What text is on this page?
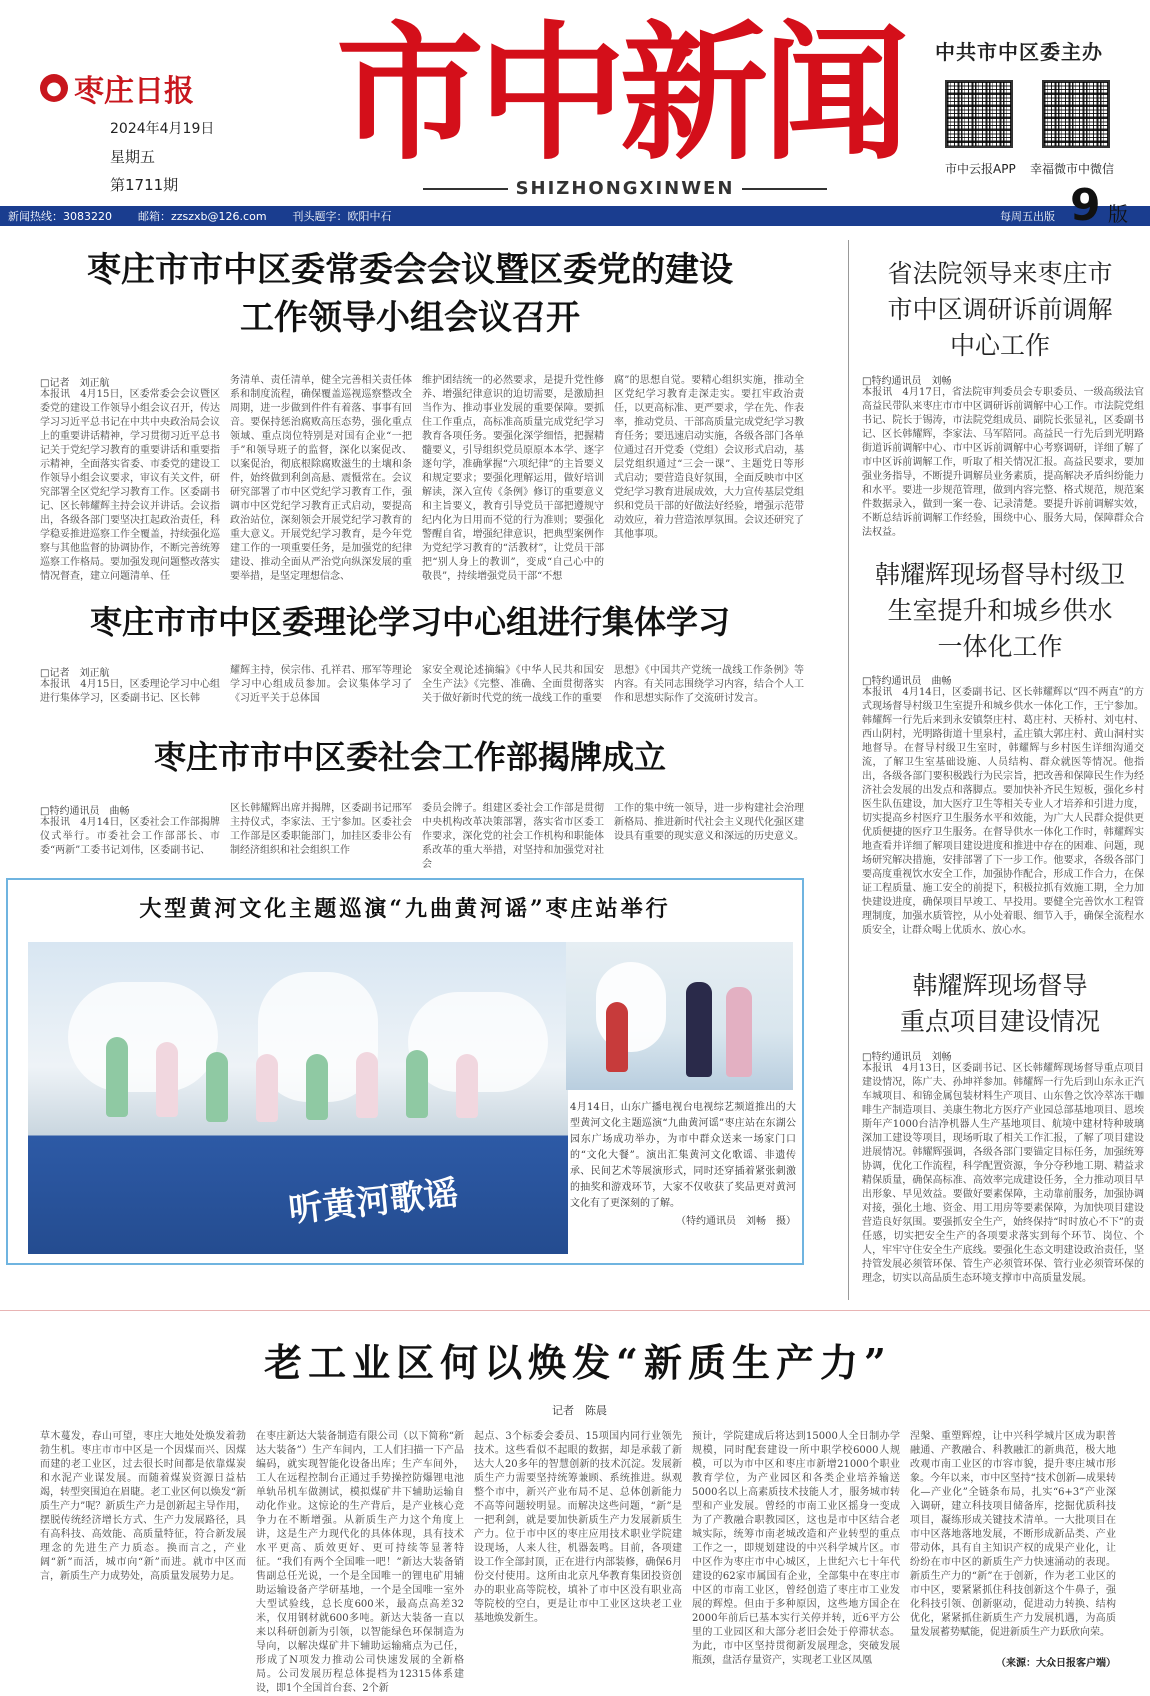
● 枣庄日报
2024年4月19日
星期五
第1711期
市中新闻
SHIZHONGXINWEN
中共市中区委主办
市中云报APP 幸福微市中微信
新闻热线：3083220 邮箱：zzszxb@126.com 刊头题字：欧阳中石	每周五出版 9 版
枣庄市市中区委常委会会议暨区委党的建设
工作领导小组会议召开
□记者　刘正航
本报讯　4月15日，区委常委会会议暨区委党的建设工作领导小组会议召开，传达学习习近平总书记在中共中央政治局会议上的重要讲话精神，学习贯彻习近平总书记关于党纪学习教育的重要讲话和重要指示精神，全面落实省委、市委党的建设工作领导小组会议要求，审议有关文件，研究部署全区党纪学习教育工作。区委副书记、区长韩耀辉主持会议并讲话。会议指出，各级各部门要坚决扛起政治责任，科学稳妥推进巡察工作全覆盖，持续强化巡察与其他监督的协调协作，不断完善统筹巡察工作格局。要加强发现问题整改落实情况督查，建立问题清单、任
务清单、责任清单，健全完善相关责任体系和制度流程，确保覆盖巡视巡察整改全周期，进一步做到件件有着落、事事有回音。要保持惩治腐败高压态势，强化重点领域、重点岗位特别是对国有企业“一把手”和领导班子的监督，深化以案促改、以案促治，彻底根除腐败滋生的土壤和条件，始终做到利剑高悬、震慑常在。会议研究部署了市中区党纪学习教育工作，强调市中区党纪学习教育正式启动，要提高政治站位，深刻领会开展党纪学习教育的重大意义。开展党纪学习教育，是今年党建工作的一项重要任务，是加强党的纪律建设、推动全面从严治党向纵深发展的重要举措，是坚定理想信念、
维护团结统一的必然要求，是提升党性修养、增强纪律意识的迫切需要，是激励担当作为、推动事业发展的重要保障。要抓住工作重点，高标准高质量完成党纪学习教育各项任务。要强化深学细悟，把握精髓要义，引导组织党员原原本本学、逐字逐句学，准确掌握“六项纪律”的主旨要义和规定要求；要强化理解运用，做好培训解读，深入宣传《条例》修订的重要意义和主旨要义，教育引导党员干部把遵规守纪内化为日用而不觉的行为准则；要强化警醒自省，增强纪律意识，把典型案例作为党纪学习教育的“活教材”，让党员干部把“别人身上的教训”，变成“自己心中的敬畏”，持续增强党员干部“不想
腐”的思想自觉。要精心组织实施，推动全区党纪学习教育走深走实。要扛牢政治责任，以更高标准、更严要求，学在先、作表率，推动党员、干部高质量完成党纪学习教育任务；要迅速启动实施，各级各部门各单位通过召开党委（党组）会议形式启动，基层党组织通过“三会一课”、主题党日等形式启动；要营造良好氛围，全面反映市中区党纪学习教育进展成效，大力宣传基层党组织和党员干部的好做法好经验，增强示范带动效应，着力营造浓厚氛围。会议还研究了其他事项。
枣庄市市中区委理论学习中心组进行集体学习
□记者　刘正航
本报讯　4月15日，区委理论学习中心组进行集体学习，区委副书记、区长韩
耀辉主持，侯宗伟、孔祥君、邢军等理论学习中心组成员参加。会议集体学习了《习近平关于总体国
家安全观论述摘编》《中华人民共和国安全生产法》《完整、准确、全面贯彻落实关于做好新时代党的统一战线工作的重要
思想》《中国共产党统一战线工作条例》等内容。有关同志围绕学习内容，结合个人工作和思想实际作了交流研讨发言。
枣庄市市中区委社会工作部揭牌成立
□特约通讯员　曲畅
本报讯　4月14日，区委社会工作部揭牌仪式举行。市委社会工作部部长、市委“两新”工委书记刘伟，区委副书记、
区长韩耀辉出席并揭牌，区委副书记邢军主持仪式，李家法、王宁参加。区委社会工作部是区委职能部门，加挂区委非公有制经济组织和社会组织工作
委员会牌子。组建区委社会工作部是贯彻中央机构改革决策部署，落实省市区委工作要求，深化党的社会工作机构和职能体系改革的重大举措，对坚持和加强党对社会
工作的集中统一领导，进一步构建社会治理新格局、推进新时代社会主义现代化强区建设具有重要的现实意义和深远的历史意义。
省法院领导来枣庄市
市中区调研诉前调解
中心工作
□特约通讯员　刘畅
本报讯　4月17日，省法院审判委员会专职委员、一级高级法官高益民带队来枣庄市市中区调研诉前调解中心工作。市法院党组书记、院长于锡涛，市法院党组成员、副院长张显礼，区委副书记、区长韩耀辉，李家法、马军陪同。高益民一行先后到光明路街道诉前调解中心、市中区诉前调解中心考察调研，详细了解了市中区诉前调解工作，听取了相关情况汇报。高益民要求，要加强业务指导，不断提升调解员业务素质，提高解决矛盾纠纷能力和水平。要进一步规范管理，做到内容完整、格式规范，规范案件数据录入，做到一案一卷、记录清楚。要提升诉前调解实效，不断总结诉前调解工作经验，围绕中心、服务大局，保障群众合法权益。
韩耀辉现场督导村级卫
生室提升和城乡供水
一体化工作
□特约通讯员　曲畅
本报讯　4月14日，区委副书记、区长韩耀辉以“四不两直”的方式现场督导村级卫生室提升和城乡供水一体化工作，王宁参加。韩耀辉一行先后来到永安镇祭庄村、葛庄村、天桥村、刘屯村、西山阴村，光明路街道十里泉村，孟庄镇大郭庄村、黄山洞村实地督导。在督导村级卫生室时，韩耀辉与乡村医生详细沟通交流，了解卫生室基础设施、人员结构、群众就医等情况。他指出，各级各部门要积极践行为民宗旨，把改善和保障民生作为经济社会发展的出发点和落脚点。要加快补齐民生短板，强化乡村医生队伍建设，加大医疗卫生等相关专业人才培养和引进力度，切实提高乡村医疗卫生服务水平和效能，为广大人民群众提供更优质便捷的医疗卫生服务。在督导供水一体化工作时，韩耀辉实地查看并详细了解项目建设进度和推进中存在的困难、问题，现场研究解决措施，安排部署了下一步工作。他要求，各级各部门要高度重视饮水安全工作，加强协作配合，形成工作合力，在保证工程质量、施工安全的前提下，积极拉抓有效施工期，全力加快建设进度，确保项目早竣工、早投用。要健全完善饮水工程管理制度，加强水质管控，从小处着眼、细节入手，确保全流程水质安全，让群众喝上优质水、放心水。
韩耀辉现场督导
重点项目建设情况
□特约通讯员　刘畅
本报讯　4月13日，区委副书记、区长韩耀辉现场督导重点项目建设情况，陈广夫、孙坤祥参加。韩耀辉一行先后到山东永正汽车城项目、和锦金属包装材料生产项目、山东鲁之饮冷萃冻干咖啡生产制造项目、美康生物北方医疗产业园总部基地项目、恩埃斯年产1000台洁净机器人生产基地项目、航境中建材特种玻璃深加工建设等项目，现场听取了相关工作汇报，了解了项目建设进展情况。韩耀辉强调，各级各部门要锚定目标任务，加强统筹协调，优化工作流程，科学配置资源，争分夺秒地工期、精益求精保质量，确保高标准、高效率完成建设任务，全力推动项目早出形象、早见效益。要做好要素保障，主动靠前服务，加强协调对接，强化土地、资金、用工用房等要素保障，为加快项目建设营造良好氛围。要强抓安全生产，始终保持“时时放心不下”的责任感，切实把安全生产的各项要求落实到每个环节、岗位、个人，牢牢守住安全生产底线。要强化生态文明建设政治责任，坚持管发展必须管环保、管生产必须管环保、管行业必须管环保的理念，切实以高品质生态环境支撑市中高质量发展。
大型黄河文化主题巡演“九曲黄河谣”枣庄站举行
听黄河歌谣
4月14日，山东广播电视台电视综艺频道推出的大型黄河文化主题巡演“九曲黄河谣”枣庄站在东湖公园东广场成功举办，为市中群众送来一场家门口的“文化大餐”。演出汇集黄河文化歌谣、非遗传承、民间艺术等展演形式，同时还穿插着紧张刺激的抽奖和游戏环节，大家不仅收获了奖品更对黄河文化有了更深刻的了解。
（特约通讯员　刘畅　摄）
老工业区何以焕发“新质生产力”
记者　陈晨
草木蔓发，春山可望，枣庄大地处处焕发着勃勃生机。枣庄市市中区是一个因煤而兴、因煤而建的老工业区，过去很长时间都是依靠煤炭和水泥产业谋发展。而随着煤炭资源日益枯竭，转型突围迫在眉睫。老工业区何以焕发“新质生产力”呢？新质生产力是创新起主导作用，摆脱传统经济增长方式、生产力发展路径，具有高科技、高效能、高质量特征，符合新发展理念的先进生产力质态。换而言之，产业阔“新”而活，城市向“新”而进。就市中区而言，新质生产力成势处，高质量发展势力足。
在枣庄新达大装备制造有限公司（以下简称“新达大装备”）生产车间内，工人们扫描一下产品编码，就实现智能化设备出库；生产车间外，工人在远程控制台正通过手势操控防爆锂电池单轨吊机车做测试，模拟煤矿井下辅助运输自动化作业。这惊论的生产背后，是产业核心竞争力在不断增强。从新质生产力这个角度上讲，这是生产力现代化的具体体现，具有技术水平更高、质效更好、更可持续等显著特征。“我们有两个全国唯一吧！”新达大装备销售副总任光说，一个是全国唯一的锂电矿用辅助运输设备产学研基地，一个是全国唯一室外大型试验线，总长度600米，最高点高差32米，仅用钢材就600多吨。新达大装备一直以来以科研创新为引领，以智能绿色环保制造为导向，以解决煤矿井下辅助运输痛点为己任，形成了N项发力推动公司快速发展的全新格局。公司发展历程总体提档为12315体系建设，即1个全国首台套、2个新
起点、3个标委会委员、15项国内同行业领先技术。这些看似不起眼的数据，却是承载了新达大人20多年的智慧创新的技术沉淀。发展新质生产力需要坚持统筹兼顾、系统推进。纵观整个市中，新兴产业布局不足、总体创新能力不高等问题较明显。而解决这些问题，“新”是一把利剑，就是要加快新质生产力发展新质生产力。位于市中区的枣庄应用技术职业学院建设现场，人来人往，机器轰鸣。目前，各项建设工作全部封顶，正在进行内部装修，确保6月份交付使用。这所由北京凡华教育集团投资创办的职业高等院校，填补了市中区没有职业高等院校的空白，更是让市中工业区这块老工业基地焕发新生。
预计，学院建成后将达到15000人全日制办学规模，同时配套建设一所中职学校6000人规模，可以为市中区和枣庄市新增21000个职业教育学位，为产业园区和各类企业培养输送5000名以上高素质技术技能人才，服务城市转型和产业发展。曾经的市南工业区摇身一变成为了产教融合职教园区，这也是市中区结合老城实际，统筹市南老城改造和产业转型的重点工作之一，即规划建设的中兴科学城片区。市中区作为枣庄市中心城区，上世纪六七十年代建设的62家市属国有企业，全部集中在枣庄市中区的市南工业区，曾经创造了枣庄市工业发展的辉煌。但由于多种原因，这些地方国企在2000年前后已基本实行关停并转，近6平方公里的工业园区和大部分老旧会处于停滞状态。为此，市中区坚持贯彻新发展理念，突破发展瓶颈，盘活存量资产，实现老工业区凤凰
涅槃、重塑辉煌，让中兴科学城片区成为职普融通、产教融合、科教融汇的新典范，极大地改观市南工业区的市容市貌，提升枣庄城市形象。今年以来，市中区坚持“技术创新—成果转化—产业化”全链条布局，扎实“6+3”产业深入调研，建立科技项目储备库，挖掘优质科技项目，凝练形成关键技术清单。一大批项目在市中区落地落地发展，不断形成新品类、产业带动体，具有自主知识产权的成果产业化，让纷纷在市中区的新质生产力快速涌动的表现。新质生产力的“新”在于创新，作为老工业区的市中区，要紧紧抓住科技创新这个牛鼻子，强化科技引领、创新驱动，促进动力转换、结构优化，紧紧抓住新质生产力发展机遇，为高质量发展蓄势赋能，促进新质生产力跃欣向荣。
（来源：大众日报客户端）
